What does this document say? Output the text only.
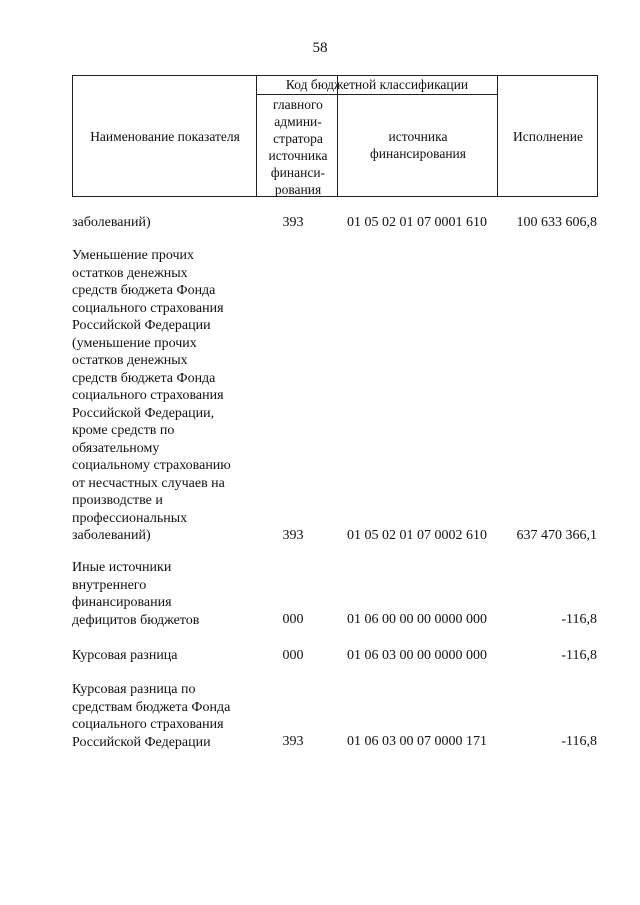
58
Наименование показателя
Код бюджетной классификации
главного админи-стратора источника финанси-рования
источника финансирования
Исполнение
заболеваний)	393	01 05 02 01 07 0001 610	100 633 606,8
Уменьшение прочих
остатков денежных
средств бюджета Фонда
социального страхования
Российской Федерации
(уменьшение прочих
остатков денежных
средств бюджета Фонда
социального страхования
Российской Федерации,
кроме средств по
обязательному
социальному страхованию
от несчастных случаев на
производстве и
профессиональных
заболеваний)	393	01 05 02 01 07 0002 610	637 470 366,1
Иные источники
внутреннего
финансирования
дефицитов бюджетов	000	01 06 00 00 00 0000 000	-116,8
Курсовая разница	000	01 06 03 00 00 0000 000	-116,8
Курсовая разница по
средствам бюджета Фонда
социального страхования
Российской Федерации	393	01 06 03 00 07 0000 171	-116,8
